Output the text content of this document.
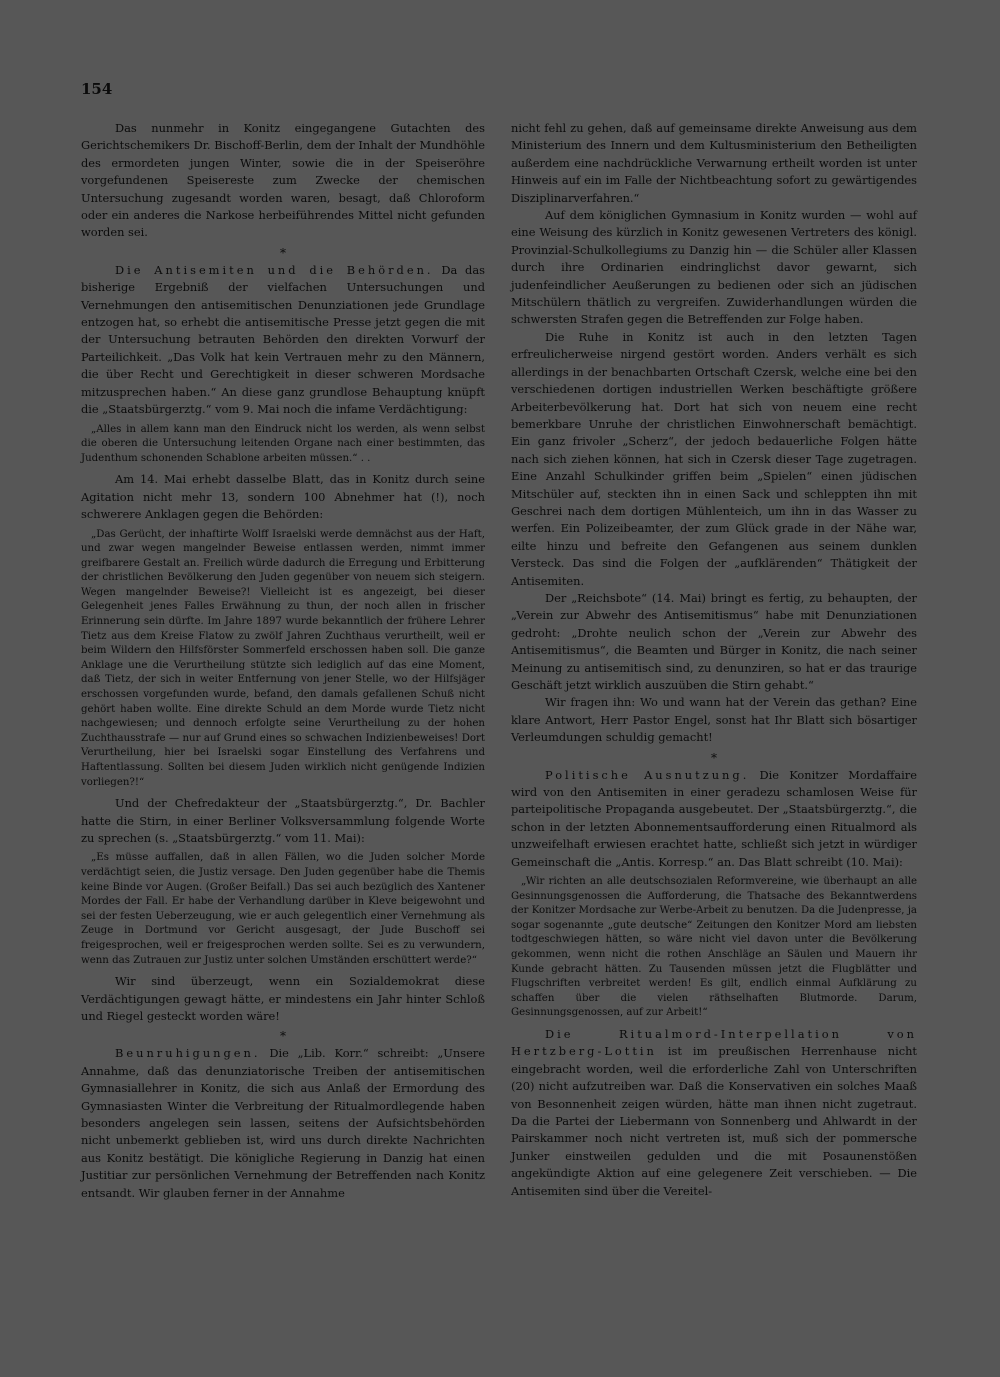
154

Das nunmehr in Konitz eingegangene Gutachten des Gerichtschemikers Dr. Bischoff-Berlin, dem der Inhalt der Mundhöhle des ermordeten jungen Winter, sowie die in der Speiseröhre vorgefundenen Speisereste zum Zwecke der chemischen Untersuchung zugesandt worden waren, besagt, daß Chloroform oder ein anderes die Narkose herbeiführendes Mittel nicht gefunden worden sei.

*

Die Antisemiten und die Behörden. Da das bisherige Ergebniß der vielfachen Untersuchungen und Vernehmungen den antisemitischen Denunziationen jede Grundlage entzogen hat, so erhebt die antisemitische Presse jetzt gegen die mit der Untersuchung betrauten Behörden den direkten Vorwurf der Parteilichkeit. „Das Volk hat kein Vertrauen mehr zu den Männern, die über Recht und Gerechtigkeit in dieser schweren Mordsache mitzusprechen haben.“ An diese ganz grundlose Behauptung knüpft die „Staatsbürgerztg.“ vom 9. Mai noch die infame Verdächtigung:

„Alles in allem kann man den Eindruck nicht los werden, als wenn selbst die oberen die Untersuchung leitenden Organe nach einer bestimmten, das Judenthum schonenden Schablone arbeiten müssen.“ . .

Am 14. Mai erhebt dasselbe Blatt, das in Konitz durch seine Agitation nicht mehr 13, sondern 100 Abnehmer hat (!), noch schwerere Anklagen gegen die Behörden:

„Das Gerücht, der inhaftirte Wolff Israelski werde demnächst aus der Haft, und zwar wegen mangelnder Beweise entlassen werden, nimmt immer greifbarere Gestalt an. Freilich würde dadurch die Erregung und Erbitterung der christlichen Bevölkerung den Juden gegenüber von neuem sich steigern. Wegen mangelnder Beweise?! Vielleicht ist es angezeigt, bei dieser Gelegenheit jenes Falles Erwähnung zu thun, der noch allen in frischer Erinnerung sein dürfte. Im Jahre 1897 wurde bekanntlich der frühere Lehrer Tietz aus dem Kreise Flatow zu zwölf Jahren Zuchthaus verurtheilt, weil er beim Wildern den Hilfsförster Sommerfeld erschossen haben soll. Die ganze Anklage une die Verurtheilung stützte sich lediglich auf das eine Moment, daß Tietz, der sich in weiter Entfernung von jener Stelle, wo der Hilfsjäger erschossen vorgefunden wurde, befand, den damals gefallenen Schuß nicht gehört haben wollte. Eine direkte Schuld an dem Morde wurde Tietz nicht nachgewiesen; und dennoch erfolgte seine Verurtheilung zu der hohen Zuchthausstrafe — nur auf Grund eines so schwachen Indizienbeweises! Dort Verurtheilung, hier bei Israelski sogar Einstellung des Verfahrens und Haftentlassung. Sollten bei diesem Juden wirklich nicht genügende Indizien vorliegen?!“

Und der Chefredakteur der „Staatsbürgerztg.“, Dr. Bachler hatte die Stirn, in einer Berliner Volksversammlung folgende Worte zu sprechen (s. „Staatsbürgerztg.“ vom 11. Mai):

„Es müsse auffallen, daß in allen Fällen, wo die Juden solcher Morde verdächtigt seien, die Justiz versage. Den Juden gegenüber habe die Themis keine Binde vor Augen. (Großer Beifall.) Das sei auch bezüglich des Xantener Mordes der Fall. Er habe der Verhandlung darüber in Kleve beigewohnt und sei der festen Ueberzeugung, wie er auch gelegentlich einer Vernehmung als Zeuge in Dortmund vor Gericht ausgesagt, der Jude Buschoff sei freigesprochen, weil er freigesprochen werden sollte. Sei es zu verwundern, wenn das Zutrauen zur Justiz unter solchen Umständen erschüttert werde?“

Wir sind überzeugt, wenn ein Sozialdemokrat diese Verdächtigungen gewagt hätte, er mindestens ein Jahr hinter Schloß und Riegel gesteckt worden wäre!

*

Beunruhigungen. Die „Lib. Korr.“ schreibt: „Unsere Annahme, daß das denunziatorische Treiben der antisemitischen Gymnasiallehrer in Konitz, die sich aus Anlaß der Ermordung des Gymnasiasten Winter die Verbreitung der Ritualmordlegende haben besonders angelegen sein lassen, seitens der Aufsichtsbehörden nicht unbemerkt geblieben ist, wird uns durch direkte Nachrichten aus Konitz bestätigt. Die königliche Regierung in Danzig hat einen Justitiar zur persönlichen Vernehmung der Betreffenden nach Konitz entsandt. Wir glauben ferner in der Annahme

nicht fehl zu gehen, daß auf gemeinsame direkte Anweisung aus dem Ministerium des Innern und dem Kultusministerium den Betheiligten außerdem eine nachdrückliche Verwarnung ertheilt worden ist unter Hinweis auf ein im Falle der Nichtbeachtung sofort zu gewärtigendes Disziplinarverfahren.“

Auf dem königlichen Gymnasium in Konitz wurden — wohl auf eine Weisung des kürzlich in Konitz gewesenen Vertreters des königl. Provinzial-Schulkollegiums zu Danzig hin — die Schüler aller Klassen durch ihre Ordinarien eindringlichst davor gewarnt, sich judenfeindlicher Aeußerungen zu bedienen oder sich an jüdischen Mitschülern thätlich zu vergreifen. Zuwiderhandlungen würden die schwersten Strafen gegen die Betreffenden zur Folge haben.

Die Ruhe in Konitz ist auch in den letzten Tagen erfreulicherweise nirgend gestört worden. Anders verhält es sich allerdings in der benachbarten Ortschaft Czersk, welche eine bei den verschiedenen dortigen industriellen Werken beschäftigte größere Arbeiterbevölkerung hat. Dort hat sich von neuem eine recht bemerkbare Unruhe der christlichen Einwohnerschaft bemächtigt. Ein ganz frivoler „Scherz“, der jedoch bedauerliche Folgen hätte nach sich ziehen können, hat sich in Czersk dieser Tage zugetragen. Eine Anzahl Schulkinder griffen beim „Spielen“ einen jüdischen Mitschüler auf, steckten ihn in einen Sack und schleppten ihn mit Geschrei nach dem dortigen Mühlenteich, um ihn in das Wasser zu werfen. Ein Polizeibeamter, der zum Glück grade in der Nähe war, eilte hinzu und befreite den Gefangenen aus seinem dunklen Versteck. Das sind die Folgen der „aufklärenden“ Thätigkeit der Antisemiten.

Der „Reichsbote“ (14. Mai) bringt es fertig, zu behaupten, der „Verein zur Abwehr des Antisemitismus“ habe mit Denunziationen gedroht: „Drohte neulich schon der „Verein zur Abwehr des Antisemitismus“, die Beamten und Bürger in Konitz, die nach seiner Meinung zu antisemitisch sind, zu denunziren, so hat er das traurige Geschäft jetzt wirklich auszuüben die Stirn gehabt.“

Wir fragen ihn: Wo und wann hat der Verein das gethan? Eine klare Antwort, Herr Pastor Engel, sonst hat Ihr Blatt sich bösartiger Verleumdungen schuldig gemacht!

*

Politische Ausnutzung. Die Konitzer Mordaffaire wird von den Antisemiten in einer geradezu schamlosen Weise für parteipolitische Propaganda ausgebeutet. Der „Staatsbürgerztg.“, die schon in der letzten Abonnementsaufforderung einen Ritualmord als unzweifelhaft erwiesen erachtet hatte, schließt sich jetzt in würdiger Gemeinschaft die „Antis. Korresp.“ an. Das Blatt schreibt (10. Mai):

„Wir richten an alle deutschsozialen Reformvereine, wie überhaupt an alle Gesinnungsgenossen die Aufforderung, die Thatsache des Bekanntwerdens der Konitzer Mordsache zur Werbe-Arbeit zu benutzen. Da die Judenpresse, ja sogar sogenannte „gute deutsche“ Zeitungen den Konitzer Mord am liebsten todtgeschwiegen hätten, so wäre nicht viel davon unter die Bevölkerung gekommen, wenn nicht die rothen Anschläge an Säulen und Mauern ihr Kunde gebracht hätten. Zu Tausenden müssen jetzt die Flugblätter und Flugschriften verbreitet werden! Es gilt, endlich einmal Aufklärung zu schaffen über die vielen räthselhaften Blutmorde. Darum, Gesinnungsgenossen, auf zur Arbeit!“

Die Ritualmord-Interpellation von Hertzberg-Lottin ist im preußischen Herrenhause nicht eingebracht worden, weil die erforderliche Zahl von Unterschriften (20) nicht aufzutreiben war. Daß die Konservativen ein solches Maaß von Besonnenheit zeigen würden, hätte man ihnen nicht zugetraut. Da die Partei der Liebermann von Sonnenberg und Ahlwardt in der Pairskammer noch nicht vertreten ist, muß sich der pommersche Junker einstweilen gedulden und die mit Posaunenstößen angekündigte Aktion auf eine gelegenere Zeit verschieben. — Die Antisemiten sind über die Vereitel-
